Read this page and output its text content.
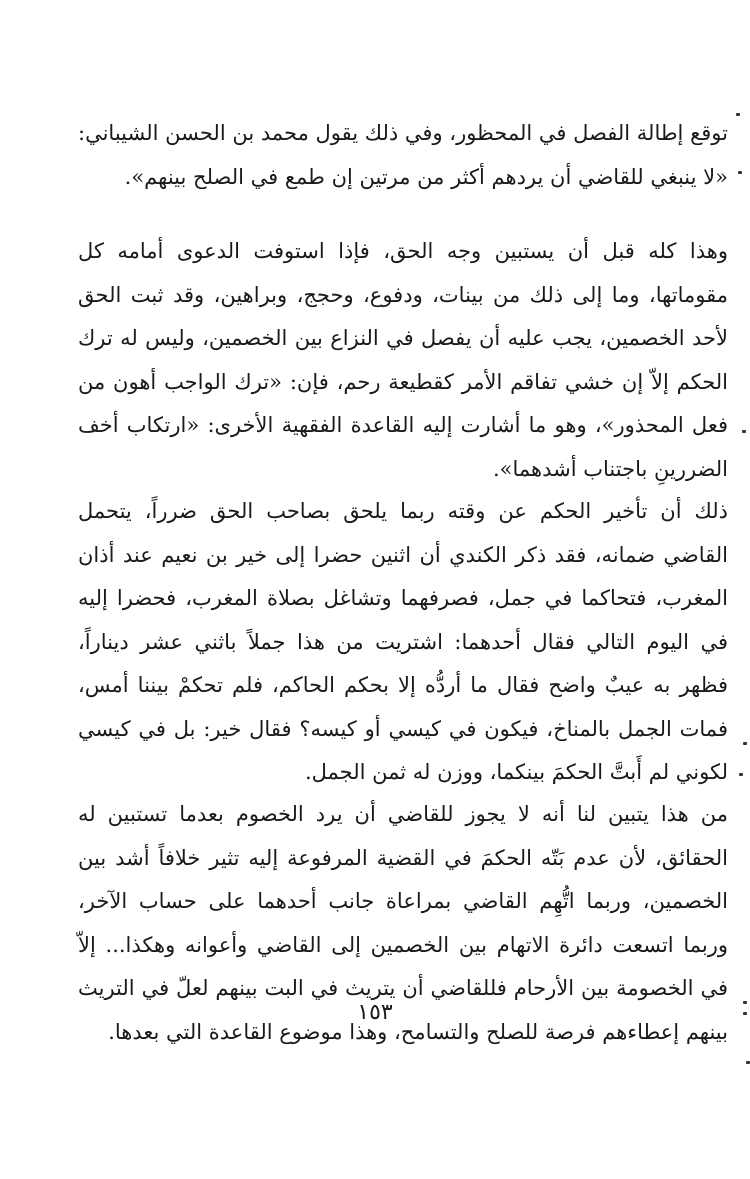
توقع إطالة الفصل في المحظور، وفي ذلك يقول محمد بن الحسن الشيباني: «لا ينبغي للقاضي أن يردهم أكثر من مرتين إن طمع في الصلح بينهم».

وهذا كله قبل أن يستبين وجه الحق، فإذا استوفت الدعوى أمامه كل مقوماتها، وما إلى ذلك من بينات، ودفوع، وحجج، وبراهين، وقد ثبت الحق لأحد الخصمين، يجب عليه أن يفصل في النزاع بين الخصمين، وليس له ترك الحكم إلاّ إن خشي تفاقم الأمر كقطيعة رحم، فإن: «ترك الواجب أهون من فعل المحذور»، وهو ما أشارت إليه القاعدة الفقهية الأخرى: «ارتكاب أخف الضررينِ باجتناب أشدهما».

ذلك أن تأخير الحكم عن وقته ربما يلحق بصاحب الحق ضرراً، يتحمل القاضي ضمانه، فقد ذكر الكندي أن اثنين حضرا إلى خير بن نعيم عند أذان المغرب، فتحاكما في جمل، فصرفهما وتشاغل بصلاة المغرب، فحضرا إليه في اليوم التالي فقال أحدهما: اشتريت من هذا جملاً باثني عشر ديناراً، فظهر به عيبٌ واضح فقال ما أردُّه إلا بحكم الحاكم، فلم تحكمْ بيننا أمس، فمات الجمل بالمناخ، فيكون في كيسي أو كيسه؟ فقال خير: بل في كيسي لكوني لم أَبتَّ الحكمَ بينكما، ووزن له ثمن الجمل.

من هذا يتبين لنا أنه لا يجوز للقاضي أن يرد الخصوم بعدما تستبين له الحقائق، لأن عدم بَتّه الحكمَ في القضية المرفوعة إليه تثير خلافاً أشد بين الخصمين، وربما اتُّهِم القاضي بمراعاة جانب أحدهما على حساب الآخر، وربما اتسعت دائرة الاتهام بين الخصمين إلى القاضي وأعوانه وهكذا... إلاّ في الخصومة بين الأرحام فللقاضي أن يتريث في البت بينهم لعلّ في التريث بينهم إعطاءهم فرصة للصلح والتسامح، وهذا موضوع القاعدة التي بعدها.

١٥٣
